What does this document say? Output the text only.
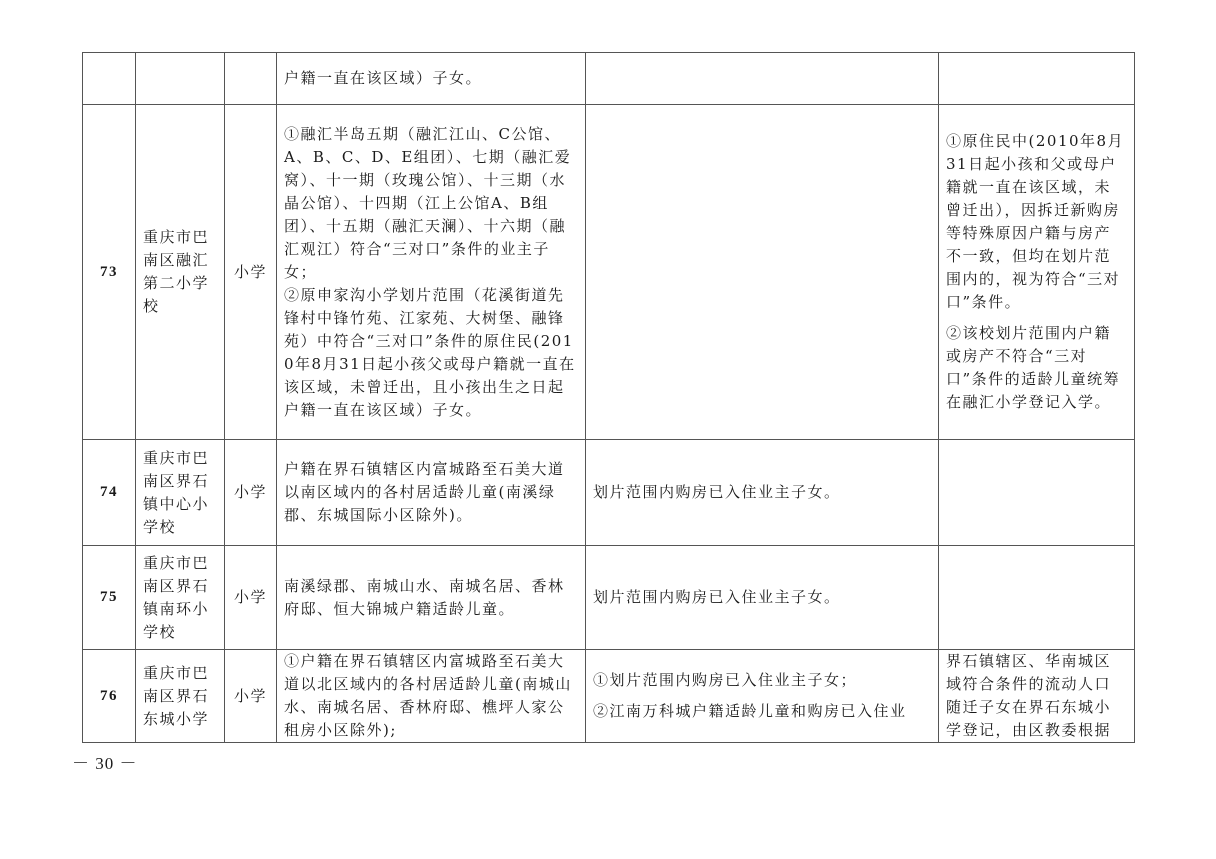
			户籍一直在该区域）子女。		
73	重庆市巴南区融汇第二小学校	小学	①融汇半岛五期（融汇江山、C公馆、A、B、C、D、E组团）、七期（融汇爱窝）、十一期（玫瑰公馆）、十三期（水晶公馆）、十四期（江上公馆A、B组团）、十五期（融汇天澜）、十六期（融汇观江）符合“三对口”条件的业主子女；
②原申家沟小学划片范围（花溪街道先锋村中锋竹苑、江家苑、大树堡、融锋苑）中符合“三对口”条件的原住民(2010年8月31日起小孩父或母户籍就一直在该区域，未曾迁出，且小孩出生之日起户籍一直在该区域）子女。		①原住民中(2010年8月31日起小孩和父或母户籍就一直在该区域，未曾迁出），因拆迁新购房等特殊原因户籍与房产不一致，但均在划片范围内的，视为符合“三对口”条件。
②该校划片范围内户籍或房产不符合“三对口”条件的适龄儿童统筹在融汇小学登记入学。

74	重庆市巴南区界石镇中心小学校	小学	户籍在界石镇辖区内富城路至石美大道以南区域内的各村居适龄儿童(南溪绿郡、东城国际小区除外)。	划片范围内购房已入住业主子女。	
75	重庆市巴南区界石镇南环小学校	小学	南溪绿郡、南城山水、南城名居、香林府邸、恒大锦城户籍适龄儿童。	划片范围内购房已入住业主子女。	
76	重庆市巴南区界石东城小学	小学	①户籍在界石镇辖区内富城路至石美大道以北区域内的各村居适龄儿童(南城山水、南城名居、香林府邸、樵坪人家公租房小区除外);	①划片范围内购房已入住业主子女；
②江南万科城户籍适龄儿童和购房已入住业	界石镇辖区、华南城区域符合条件的流动人口随迁子女在界石东城小学登记，由区教委根据
－ 30 －
